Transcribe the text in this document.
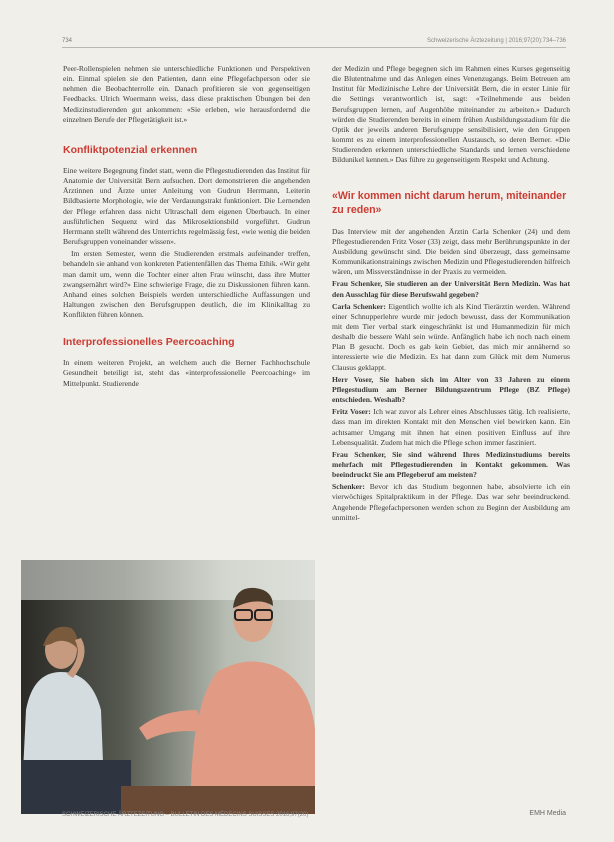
734	Schweizerische Ärztezeitung | 2016;97(20):734–736

Peer-Rollenspielen nehmen sie unterschiedliche Funktionen und Perspektiven ein. Einmal spielen sie den Patienten, dann eine Pflegefachperson oder sie nehmen die Beobachterrolle ein. Danach profitieren sie von gegenseitigen Feedbacks. Ulrich Woermann weiss, dass diese praktischen Übungen bei den Medizinstudierenden gut ankommen: «Sie erleben, wie herausfordernd die einzelnen Berufe der Pflegetätigkeit ist.»

Konfliktpotenzial erkennen

Eine weitere Begegnung findet statt, wenn die Pflegestudierenden das Institut für Anatomie der Universität Bern aufsuchen. Dort demonstrieren die angehenden Ärztinnen und Ärzte unter Anleitung von Gudrun Herrmann, Leiterin Bildbasierte Morphologie, wie der Verdauungstrakt funktioniert. Die Lernenden der Pflege erfahren dass nicht Ultraschall dem eigenen Überbauch. In einer ausführlichen Sequenz wird das Mikrosektionsbild vorgeführt. Gudrun Herrmann stellt während des Unterrichts regelmässig fest, «wie wenig die beiden Berufsgruppen voneinander wissen».

Im ersten Semester, wenn die Studierenden erstmals aufeinander treffen, behandeln sie anhand von konkreten Patientenfällen das Thema Ethik. «Wir geht man damit um, wenn die Tochter einer alten Frau wünscht, dass ihre Mutter zwangsernährt wird?» Eine schwierige Frage, die zu Diskussionen führen kann. Anhand eines solchen Beispiels werden unterschiedliche Auffassungen und Haltungen zwischen den Berufsgruppen deutlich, die im Klinikalltag zu Konflikten führen können.

Interprofessionelles Peercoaching

In einem weiteren Projekt, an welchem auch die Berner Fachhochschule Gesundheit beteiligt ist, steht das «interprofessionelle Peercoaching» im Mittelpunkt. Studierende

der Medizin und Pflege begegnen sich im Rahmen eines Kurses gegenseitig die Blutentnahme und das Anlegen eines Venenzugangs. Beim Betreuen am Institut für Medizinische Lehre der Universität Bern, die in erster Linie für die Settings verantwortlich ist, sagt: «Teilnehmende aus beiden Berufsgruppen lernen, auf Augenhöhe miteinander zu arbeiten.» Dadurch würden die Studierenden bereits in einem frühen Ausbildungsstadium für die Optik der jeweils anderen Berufsgruppe sensibilisiert, wie den Gruppen kommt es zu einem interprofessionellen Austausch, so deren Berner. «Die Studierenden erkennen unterschiedliche Standards und lernen verschiedene Bildunikel kennen.» Das führe zu gegenseitigem Respekt und Achtung.

«Wir kommen nicht darum herum, miteinander zu reden»

Das Interview mit der angehenden Ärztin Carla Schenker (24) und dem Pflegestudierenden Fritz Voser (33) zeigt, dass mehr Berührungspunkte in der Ausbildung gewünscht sind. Die beiden sind überzeugt, dass gemeinsame Kommunikationstrainings zwischen Medizin und Pflegestudierenden hilfreich wären, um Missverständnisse in der Praxis zu vermeiden.

Frau Schenker, Sie studieren an der Universität Bern Medizin. Was hat den Ausschlag für diese Berufswahl gegeben?

Carla Schenker: Eigentlich wollte ich als Kind Tierärztin werden. Während einer Schnupperlehre wurde mir jedoch bewusst, dass der Kommunikation mit dem Tier verbal stark eingeschränkt ist und Humanmedizin für mich deshalb die bessere Wahl sein würde. Anfänglich habe ich noch nach einem Plan B gesucht. Doch es gab kein Gebiet, das mich mir annähernd so interessierte wie die Medizin. Es hat dann zum Glück mit dem Numerus Clausus geklappt.

Herr Voser, Sie haben sich im Alter von 33 Jahren zu einem Pflegestudium am Berner Bildungszentrum Pflege (BZ Pflege) entschieden. Weshalb?

Fritz Voser: Ich war zuvor als Lehrer eines Abschlusses tätig. Ich realisierte, dass man im direkten Kontakt mit den Menschen viel bewirken kann. Ein achtsamer Umgang mit ihnen hat einen positiven Einfluss auf ihre Lebensqualität. Zudem hat mich die Pflege schon immer fasziniert.

Frau Schenker, Sie sind während Ihres Medizinstudiums bereits mehrfach mit Pflegestudierenden in Kontakt gekommen. Was beeindruckt Sie am Pflegeberuf am meisten?

Schenker: Bevor ich das Studium begonnen habe, absolvierte ich ein vierwöchiges Spitalpraktikum in der Pflege. Das war sehr beeindruckend. Angehende Pflegefachpersonen werden schon zu Beginn der Ausbildung am unmittel-

SCHWEIZERISCHE ÄRZTEZEITUNG – BULLETIN DES MÉDECINS SUISSES 2016;97(20)	EMH Media
